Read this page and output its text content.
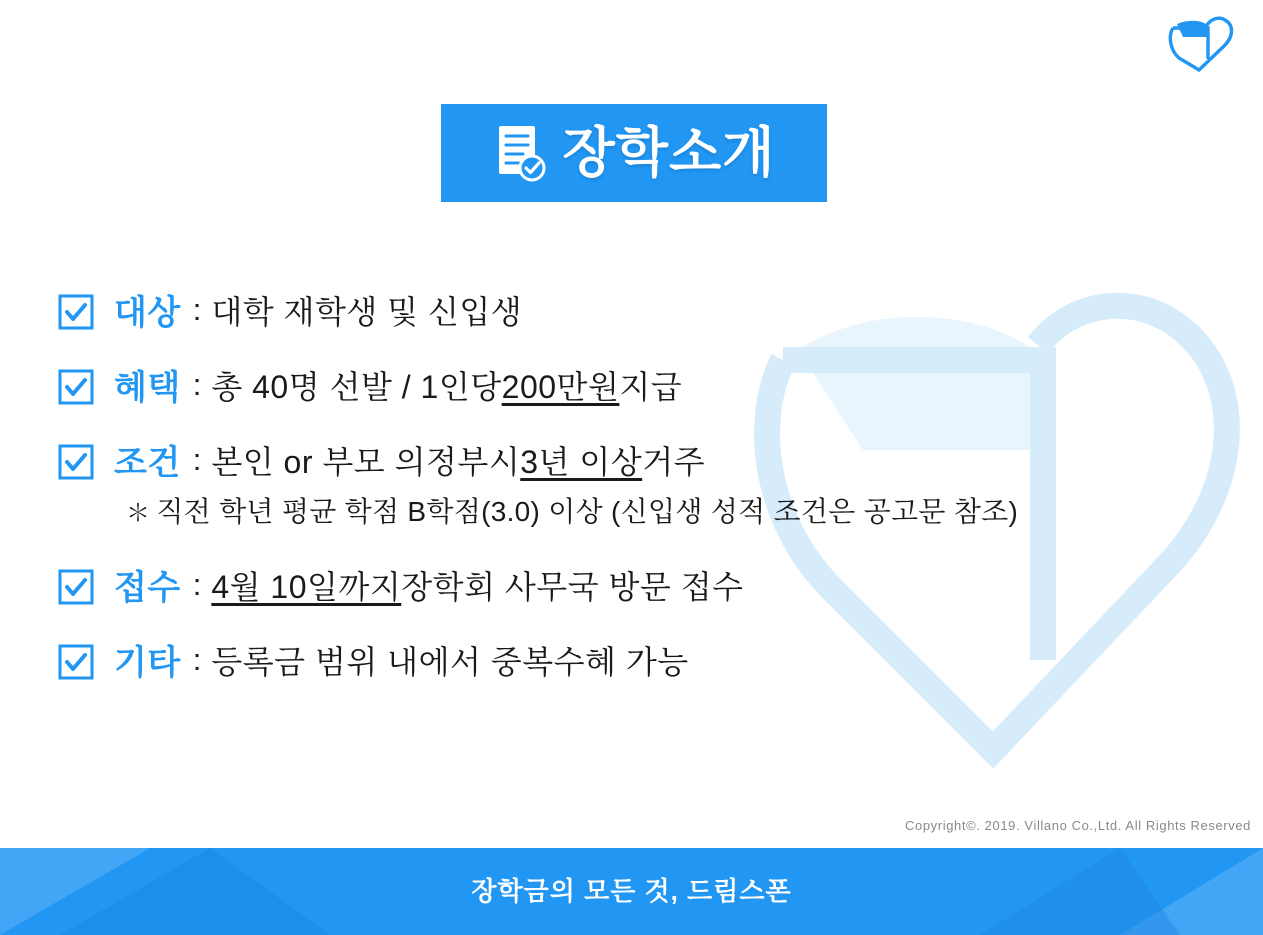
장학소개
대상 : 대학 재학생 및 신입생
혜택 : 총 40명 선발 / 1인당 200만원 지급
조건 : 본인 or 부모 의정부시 3년 이상 거주
＊ 직전 학년 평균 학점 B학점(3.0) 이상 (신입생 성적 조건은 공고문 참조)
접수 : 4월 10일까지 장학회 사무국 방문 접수
기타 : 등록금 범위 내에서 중복수혜 가능
Copyright©. 2019. Villano Co.,Ltd. All Rights Reserved
장학금의 모든 것, 드림스폰
